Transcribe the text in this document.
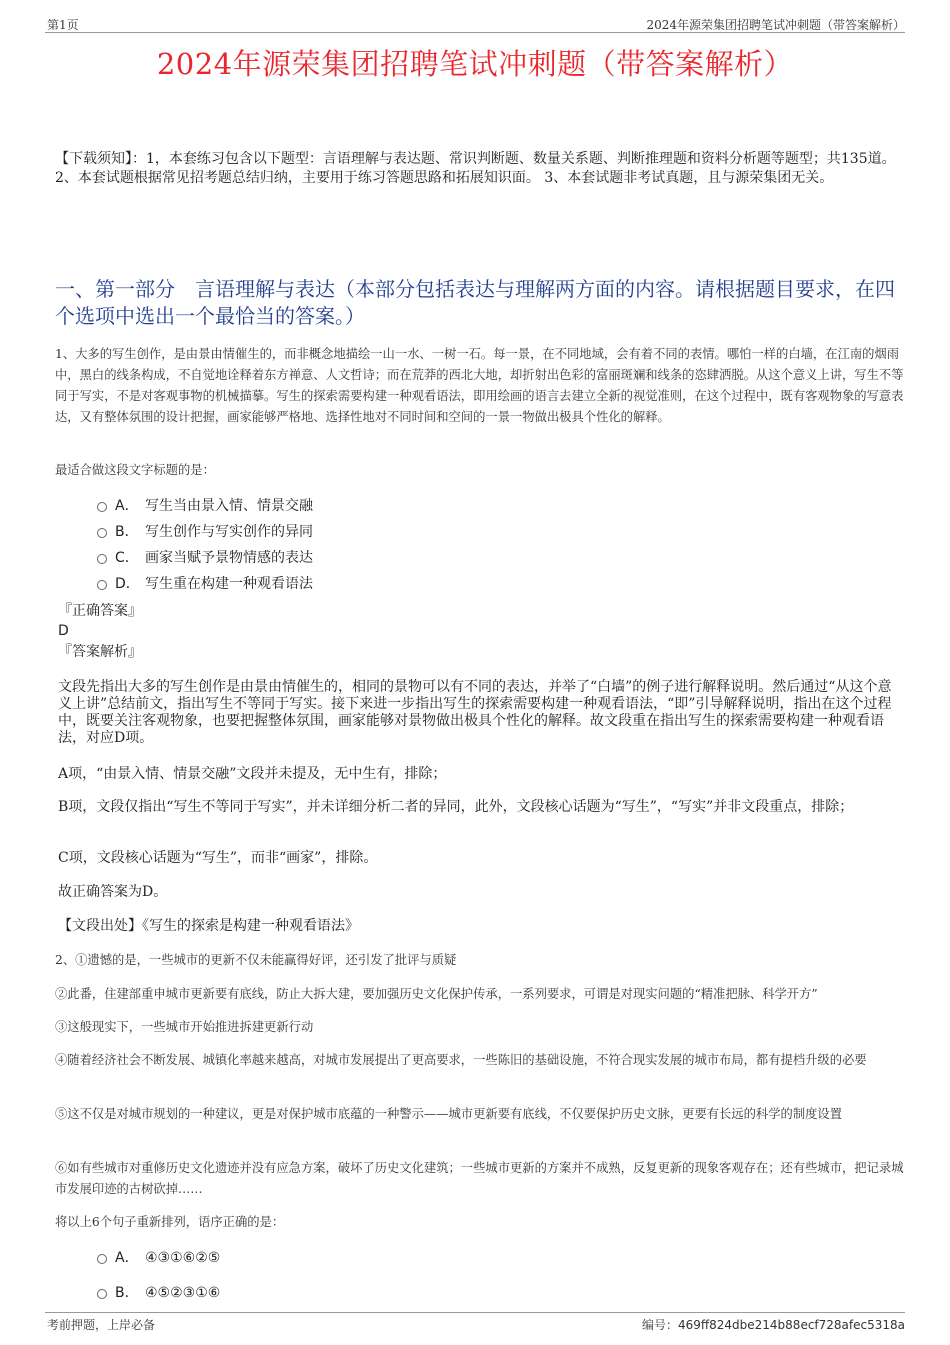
第1页	2024年源荣集团招聘笔试冲刺题（带答案解析）
2024年源荣集团招聘笔试冲刺题（带答案解析）
【下载须知】：1，本套练习包含以下题型：言语理解与表达题、常识判断题、数量关系题、判断推理题和资料分析题等题型；共135道。 2、本套试题根据常见招考题总结归纳，主要用于练习答题思路和拓展知识面。 3、本套试题非考试真题，且与源荣集团无关。
一、第一部分　言语理解与表达（本部分包括表达与理解两方面的内容。请根据题目要求，在四个选项中选出一个最恰当的答案。）
1、大多的写生创作，是由景由情催生的，而非概念地描绘一山一水、一树一石。每一景，在不同地域，会有着不同的表情。哪怕一样的白墙，在江南的烟雨中，黑白的线条构成，不自觉地诠释着东方禅意、人文哲诗；而在荒莽的西北大地，却折射出色彩的富丽斑斓和线条的恣肆洒脱。从这个意义上讲，写生不等同于写实，不是对客观事物的机械描摹。写生的探索需要构建一种观看语法，即用绘画的语言去建立全新的视觉准则，在这个过程中，既有客观物象的写意表达，又有整体氛围的设计把握，画家能够严格地、选择性地对不同时间和空间的一景一物做出极具个性化的解释。
最适合做这段文字标题的是：
A． 写生当由景入情、情景交融
B． 写生创作与写实创作的异同
C． 画家当赋予景物情感的表达
D． 写生重在构建一种观看语法
『正确答案』
D
『答案解析』
文段先指出大多的写生创作是由景由情催生的，相同的景物可以有不同的表达，并举了“白墙”的例子进行解释说明。然后通过“从这个意义上讲”总结前文，指出写生不等同于写实。接下来进一步指出写生的探索需要构建一种观看语法，“即”引导解释说明，指出在这个过程中，既要关注客观物象，也要把握整体氛围，画家能够对景物做出极具个性化的解释。故文段重在指出写生的探索需要构建一种观看语法，对应D项。
A项，“由景入情、情景交融”文段并未提及，无中生有，排除；
B项，文段仅指出“写生不等同于写实”，并未详细分析二者的异同，此外，文段核心话题为“写生”，“写实”并非文段重点，排除；
C项，文段核心话题为“写生”，而非“画家”，排除。
故正确答案为D。
【文段出处】《写生的探索是构建一种观看语法》
2、①遗憾的是，一些城市的更新不仅未能赢得好评，还引发了批评与质疑
②此番，住建部重申城市更新要有底线，防止大拆大建，要加强历史文化保护传承，一系列要求，可谓是对现实问题的“精准把脉、科学开方”
③这般现实下，一些城市开始推进拆建更新行动
④随着经济社会不断发展、城镇化率越来越高，对城市发展提出了更高要求，一些陈旧的基础设施，不符合现实发展的城市布局，都有提档升级的必要
⑤这不仅是对城市规划的一种建议，更是对保护城市底蕴的一种警示——城市更新要有底线，不仅要保护历史文脉，更要有长远的科学的制度设置
⑥如有些城市对重修历史文化遗迹并没有应急方案，破坏了历史文化建筑；一些城市更新的方案并不成熟，反复更新的现象客观存在；还有些城市，把记录城市发展印迹的古树砍掉……
将以上6个句子重新排列，语序正确的是：
A． ④③①⑥②⑤
B． ④⑤②③①⑥
考前押题，上岸必备	编号：469ff824dbe214b88ecf728afec5318a
